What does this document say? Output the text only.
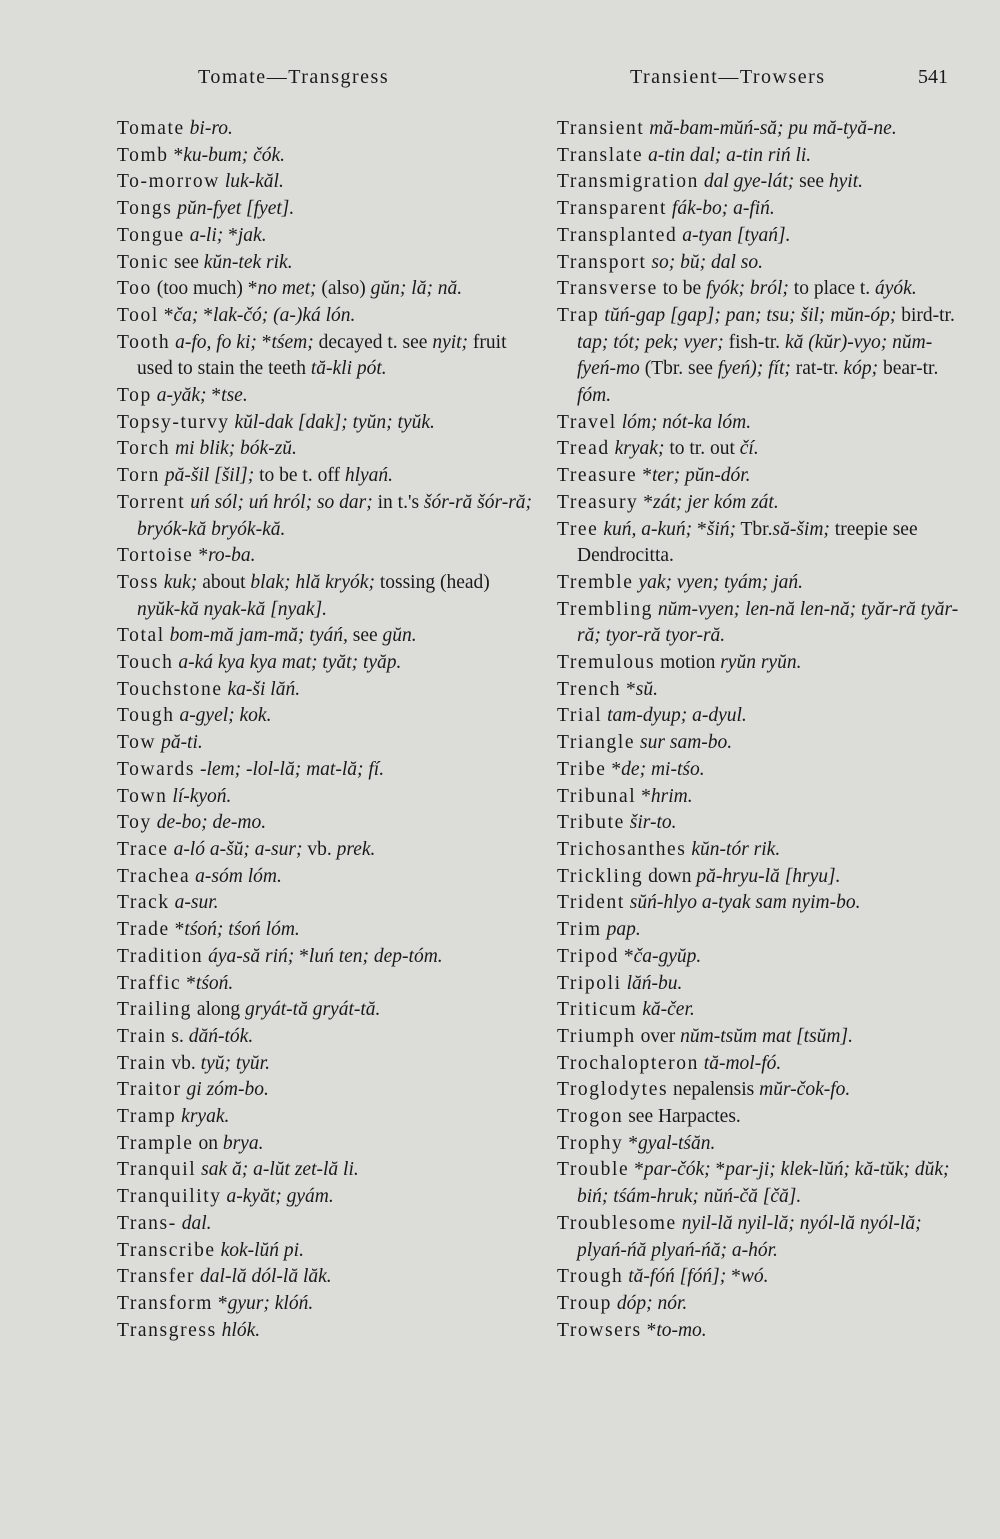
Tomate—Transgress	Transient—Trowsers	541

Tomate bi-ro.

Tomb *ku-bum; čók.

To-morrow luk-kăl.

Tongs pŭn-fyet [fyet].

Tongue a-li; *jak.

Tonic see kŭn-tek rik.

Too (too much) *no met; (also) gŭn; lă; nă.

Tool *ča; *lak-čó; (a-)ká lón.

Tooth a-fo, fo ki; *tśem; decayed t. see nyit; fruit used to stain the teeth tă-kli pót.

Top a-yăk; *tse.

Topsy-turvy kŭl-dak [dak]; tyŭn; tyŭk.

Torch mi blik; bók-zŭ.

Torn pă-šil [šil]; to be t. off hlyań.

Torrent uń sól; uń hról; so dar; in t.'s šór-ră šór-ră; bryók-kă bryók-kă.

Tortoise *ro-ba.

Toss kuk; about blak; hlă kryók; tossing (head) nyŭk-kă nyak-kă [nyak].

Total bom-mă jam-mă; tyáń, see gŭn.

Touch a-ká kya kya mat; tyăt; tyăp.

Touchstone ka-ši lăń.

Tough a-gyel; kok.

Tow pă-ti.

Towards -lem; -lol-lă; mat-lă; fí.

Town lí-kyoń.

Toy de-bo; de-mo.

Trace a-ló a-šŭ; a-sur; vb. prek.

Trachea a-sóm lóm.

Track a-sur.

Trade *tśoń; tśoń lóm.

Tradition áya-să riń; *luń ten; dep-tóm.

Traffic *tśoń.

Trailing along gryát-tă gryát-tă.

Train s. dăń-tók.

Train vb. tyŭ; tyŭr.

Traitor gi zóm-bo.

Tramp kryak.

Trample on brya.

Tranquil sak ă; a-lŭt zet-lă li.

Tranquility a-kyăt; gyám.

Trans- dal.

Transcribe kok-lŭń pi.

Transfer dal-lă dól-lă lăk.

Transform *gyur; klóń.

Transgress hlók.

Transient mă-bam-mŭń-să; pu mă-tyă-ne.

Translate a-tin dal; a-tin riń li.

Transmigration dal gye-lát; see hyit.

Transparent fák-bo; a-fiń.

Transplanted a-tyan [tyań].

Transport so; bŭ; dal so.

Transverse to be fyók; bról; to place t. áyók.

Trap tŭń-gap [gap]; pan; tsu; šil; mŭn-óp; bird-tr. tap; tót; pek; vyer; fish-tr. kă (kŭr)-vyo; nŭm-fyeń-mo (Tbr. see fyeń); fít; rat-tr. kóp; bear-tr. fóm.

Travel lóm; nót-ka lóm.

Tread kryak; to tr. out čí.

Treasure *ter; pŭn-dór.

Treasury *zát; jer kóm zát.

Tree kuń, a-kuń; *šiń; Tbr.să-šim; treepie see Dendrocitta.

Tremble yak; vyen; tyám; jań.

Trembling nŭm-vyen; len-nă len-nă; tyăr-ră tyăr-ră; tyor-ră tyor-ră.

Tremulous motion ryŭn ryŭn.

Trench *sŭ.

Trial tam-dyup; a-dyul.

Triangle sur sam-bo.

Tribe *de; mi-tśo.

Tribunal *hrim.

Tribute šir-to.

Trichosanthes kŭn-tór rik.

Trickling down pă-hryu-lă [hryu].

Trident sŭń-hlyo a-tyak sam nyim-bo.

Trim pap.

Tripod *ča-gyŭp.

Tripoli lăń-bu.

Triticum kă-čer.

Triumph over nŭm-tsŭm mat [tsŭm].

Trochalopteron tă-mol-fó.

Troglodytes nepalensis mŭr-čok-fo.

Trogon see Harpactes.

Trophy *gyal-tśăn.

Trouble *par-čók; *par-ji; klek-lŭń; kă-tŭk; dŭk; biń; tśám-hruk; nŭń-čă [čă].

Troublesome nyil-lă nyil-lă; nyól-lă nyól-lă; plyań-ńă plyań-ńă; a-hór.

Trough tă-fóń [fóń]; *wó.

Troup dóp; nór.

Trowsers *to-mo.
